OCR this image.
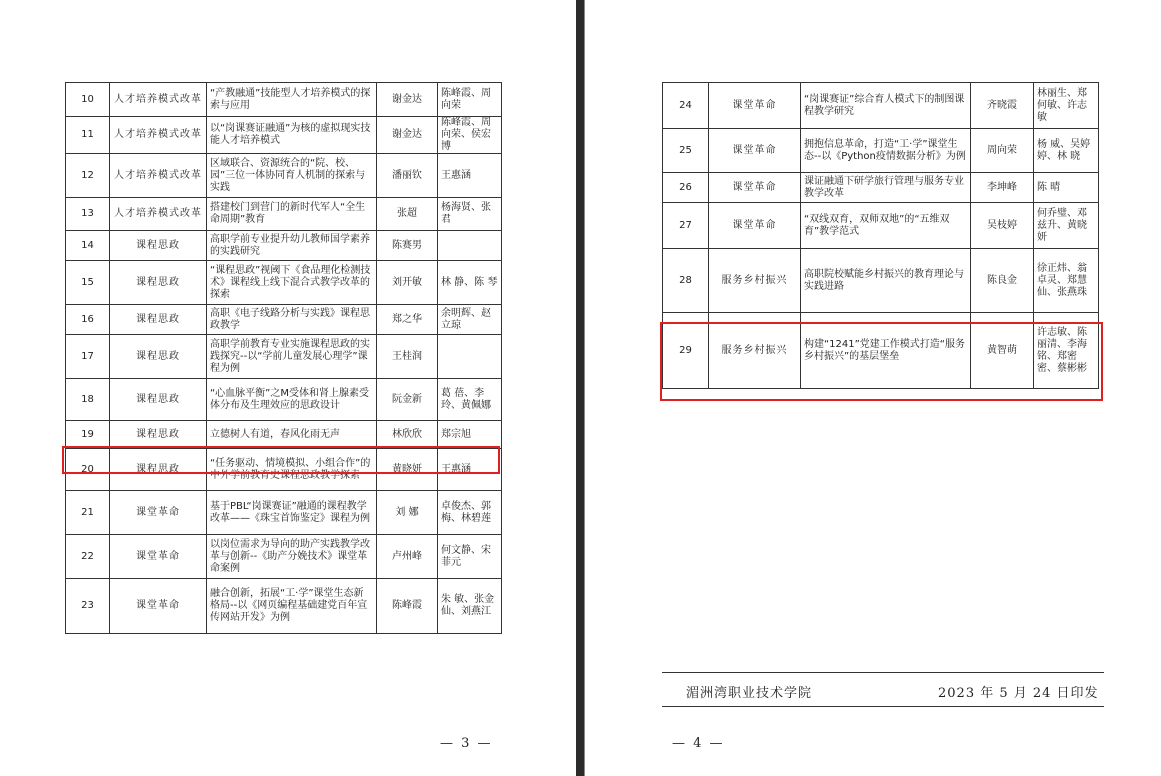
10	人才培养模式改革	“产教融通”技能型人才培养模式的探索与应用	谢金达	陈峰霞、周向荣
11	人才培养模式改革	以“岗课赛证融通”为核的虚拟现实技能人才培养模式	谢金达	陈峰霞、周向荣、侯宏博
12	人才培养模式改革	区域联合、资源统合的“院、校、园”三位一体协同育人机制的探索与实践	潘丽钦	王惠涵
13	人才培养模式改革	搭建校门到营门的新时代军人“全生命周期”教育	张超	杨海贤、张 君
14	课程思政	高职学前专业提升幼儿教师国学素养的实践研究	陈赛男	
15	课程思政	“课程思政”视阈下《食品理化检测技术》课程线上线下混合式教学改革的探索	刘开敏	林 静、陈 琴
16	课程思政	高职《电子线路分析与实践》课程思政教学	郑之华	余明辉、赵立琼
17	课程思政	高职学前教育专业实施课程思政的实践探究--以“学前儿童发展心理学”课程为例	王桂润	
18	课程思政	“心血脉平衡”之M受体和肾上腺素受体分布及生理效应的思政设计	阮金新	葛 蓓、李 玲、黄佩娜
19	课程思政	立德树人有道，春风化雨无声	林欣欣	郑宗旭
20	课程思政	“任务驱动、情境模拟、小组合作”的中外学前教育史课程思政教学探索	黄晓妍	王惠涵
21	课堂革命	基于PBL“岗课赛证”融通的课程教学改革——《珠宝首饰鉴定》课程为例	刘 娜	卓俊杰、郭 梅、林碧莲
22	课堂革命	以岗位需求为导向的助产实践教学改革与创新--《助产分娩技术》课堂革命案例	卢州峰	何文静、宋菲元
23	课堂革命	融合创新，拓展“工·学”课堂生态新格局--以《网页编程基础建党百年宣传网站开发》为例	陈峰霞	朱 敏、张金仙、刘燕江
24	课堂革命	“岗课赛证”综合育人模式下的制图课程教学研究	齐晓霞	林丽生、郑何敏、许志敏
25	课堂革命	拥抱信息革命，打造“工·学”课堂生态--以《Python疫情数据分析》为例	周向荣	杨 威、吴婷婷、林 晓
26	课堂革命	课证融通下研学旅行管理与服务专业教学改革	李坤峰	陈 晴
27	课堂革命	“双线双育，双师双地”的“五维双育”教学范式	吴枝婷	何乔璧、邓兹升、黄晓妍
28	服务乡村振兴	高职院校赋能乡村振兴的教育理论与实践进路	陈良金	徐正炜、翁卓灵、郑慧仙、张燕珠
29	服务乡村振兴	构建“1241”党建工作模式打造“服务乡村振兴”的基层堡垒	黄智萌	许志敏、陈丽清、李海铭、郑密密、蔡彬彬
湄洲湾职业技术学院	2023 年 5 月 24 日印发
— 3 —	— 4 —
